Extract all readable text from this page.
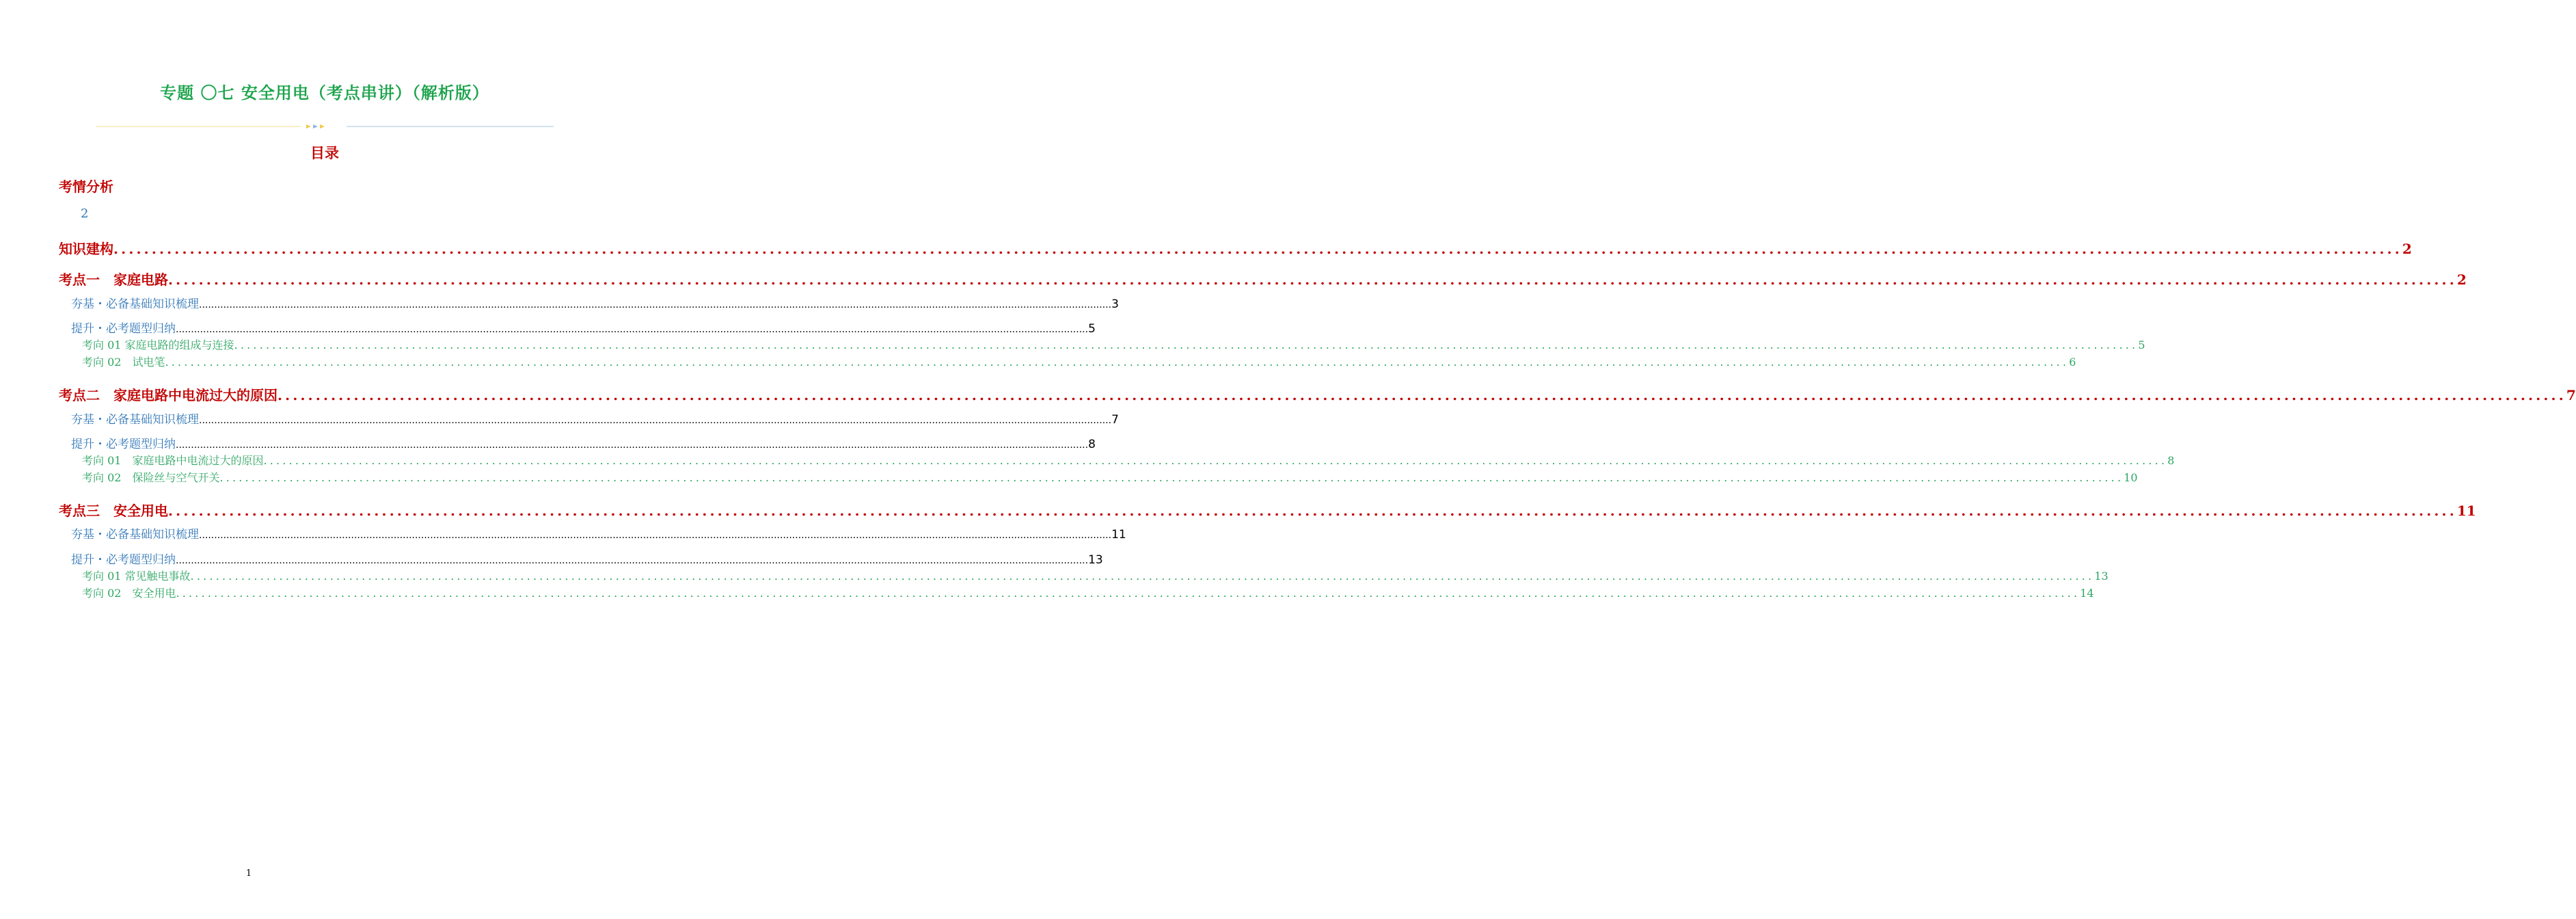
专题 〇七 安全用电（考点串讲）（解析版）
目录
考情分析
2
知识建构 ............................................................................................................................................................................................................................................................................................................ 2
考点一　家庭电路 ............................................................................................................................................................................................................................................................................................................ 2
夯基・必备基础知识梳理 ............................................................................................................................................................................................................................................................................................................ 3
提升・必考题型归纳 ............................................................................................................................................................................................................................................................................................................ 5
考向 01 家庭电路的组成与连接 ............................................................................................................................................................................................................................................................................................................ 5
考向 02　试电笔 ............................................................................................................................................................................................................................................................................................................ 6
考点二　家庭电路中电流过大的原因 ............................................................................................................................................................................................................................................................................................................ 7
夯基・必备基础知识梳理 ............................................................................................................................................................................................................................................................................................................ 7
提升・必考题型归纳 ............................................................................................................................................................................................................................................................................................................ 8
考向 01　家庭电路中电流过大的原因 ............................................................................................................................................................................................................................................................................................................ 8
考向 02　保险丝与空气开关 ............................................................................................................................................................................................................................................................................................................ 10
考点三　安全用电 ............................................................................................................................................................................................................................................................................................................ 11
夯基・必备基础知识梳理 ............................................................................................................................................................................................................................................................................................................ 11
提升・必考题型归纳 ............................................................................................................................................................................................................................................................................................................ 13
考向 01 常见触电事故 ............................................................................................................................................................................................................................................................................................................ 13
考向 02　安全用电 ............................................................................................................................................................................................................................................................................................................ 14
1
